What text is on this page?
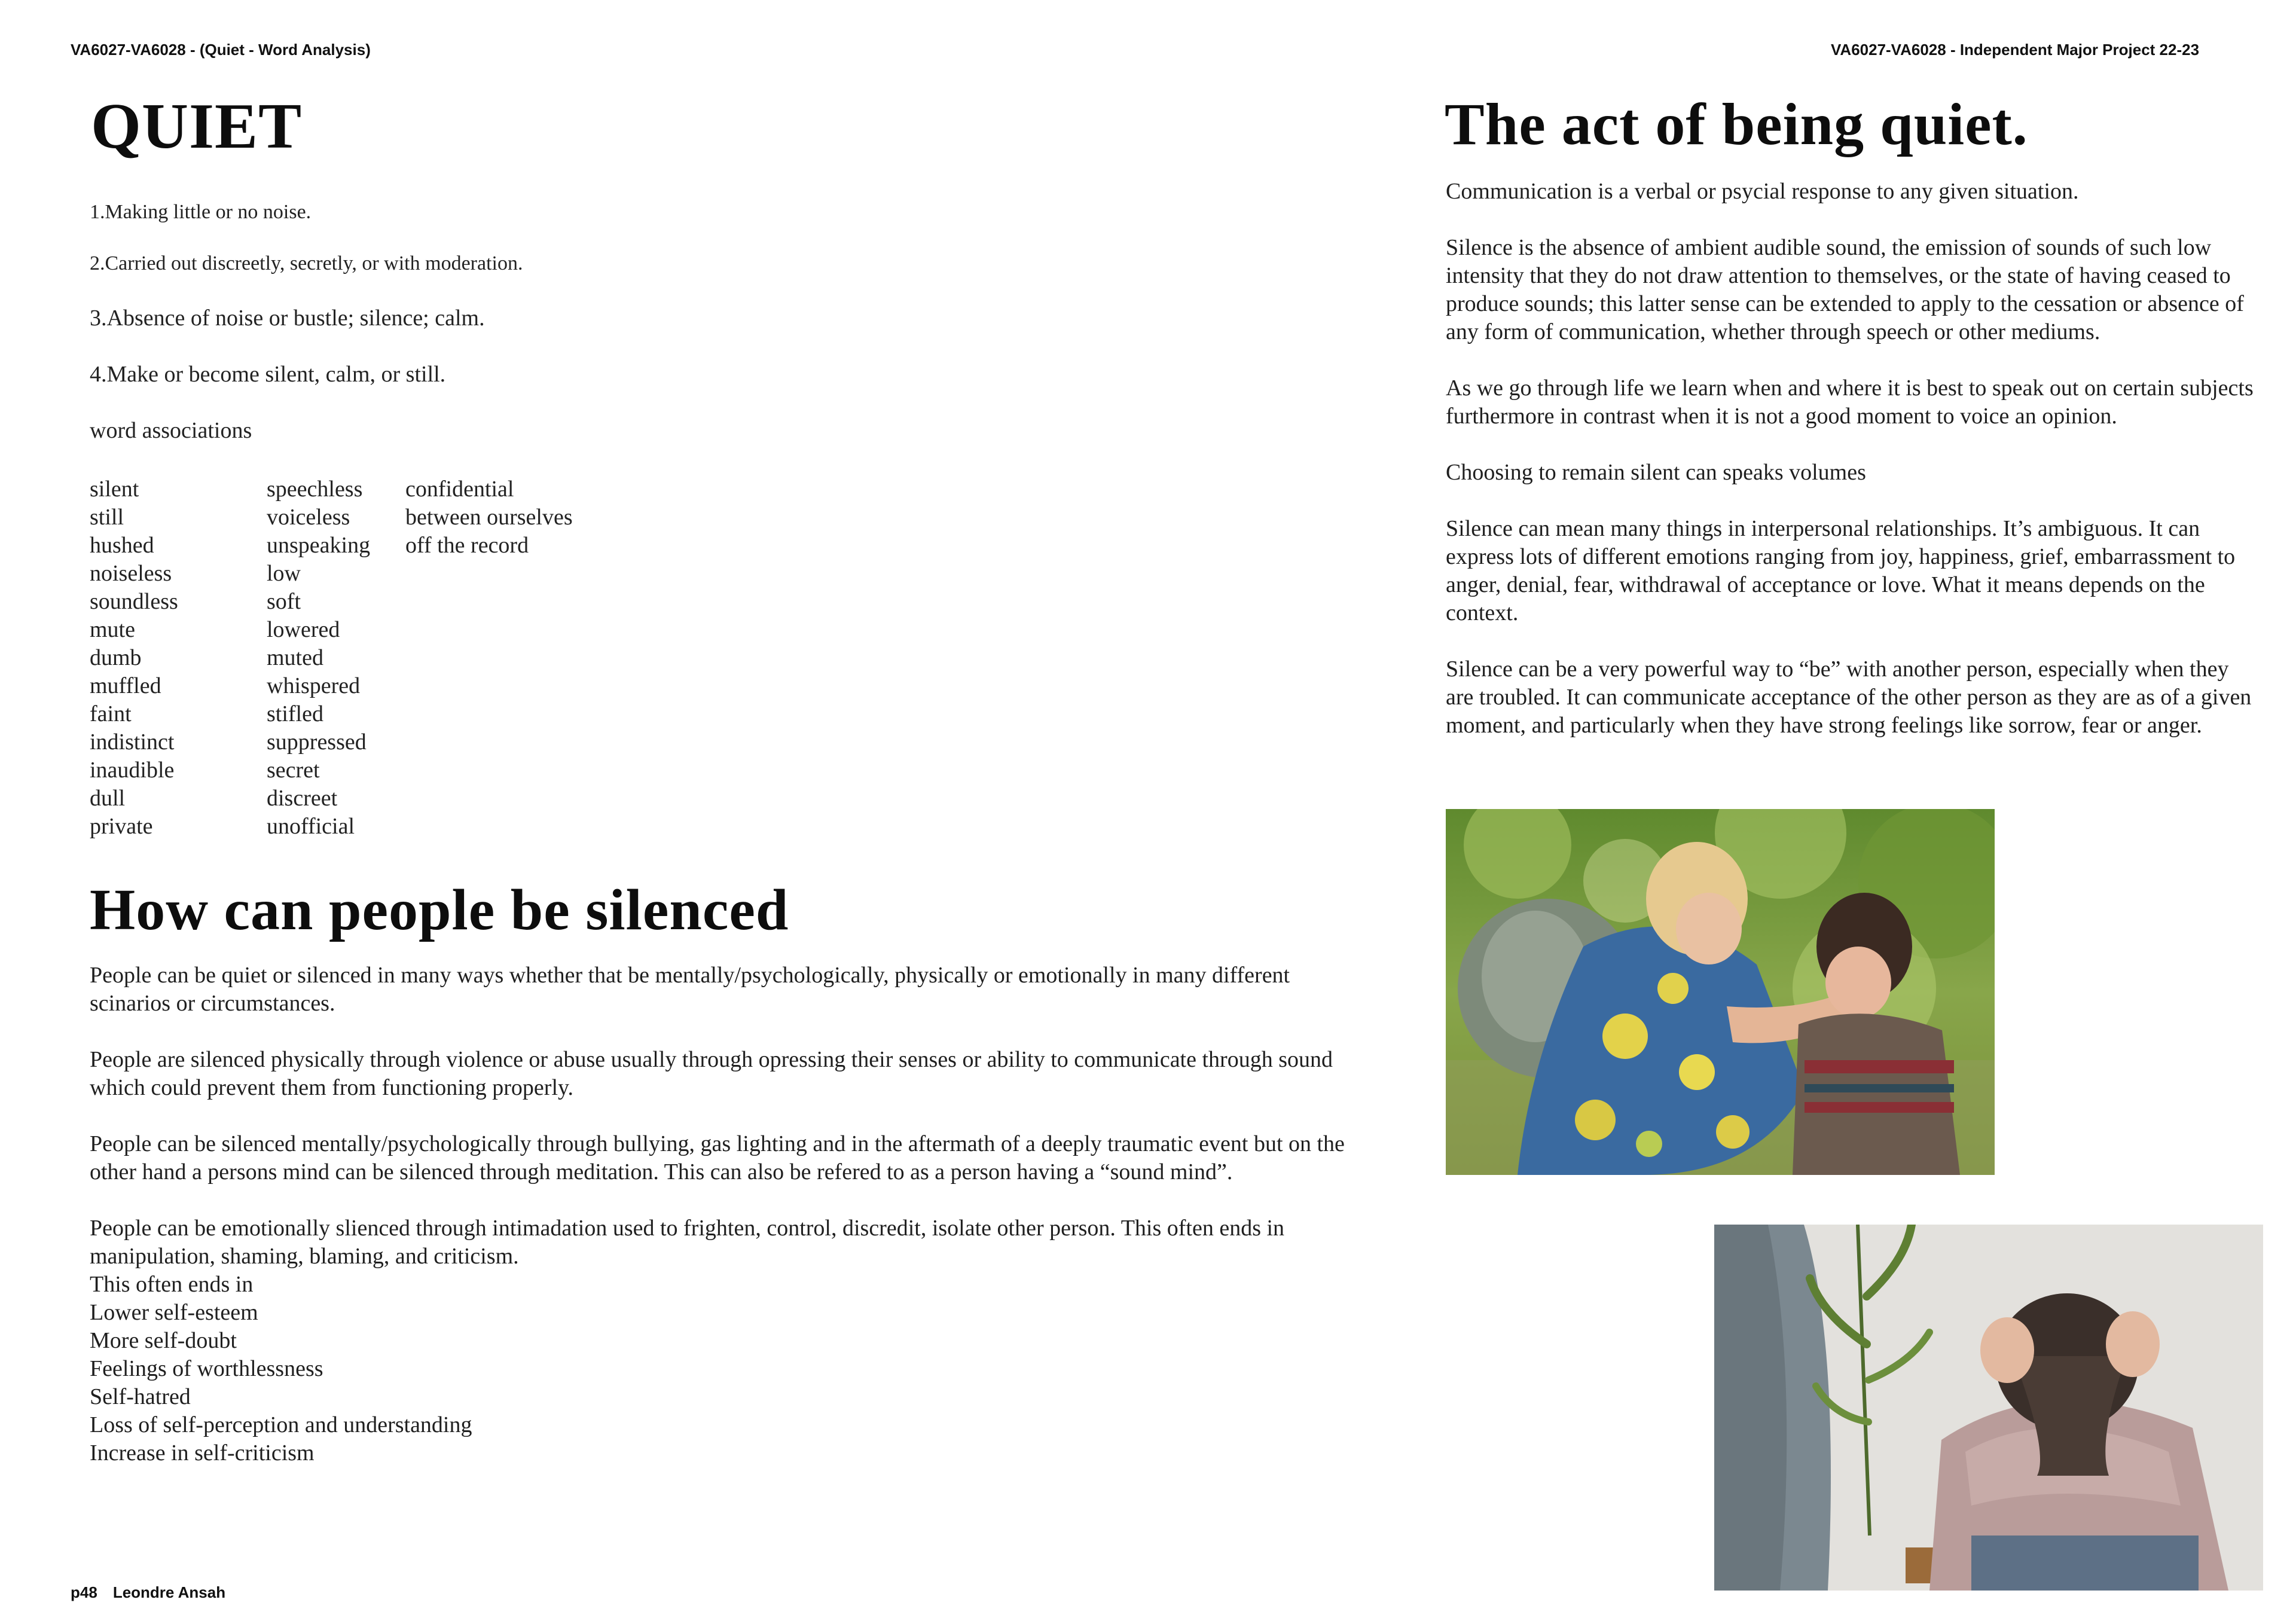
VA6027-VA6028 - (Quiet - Word Analysis)	VA6027-VA6028 - Independent Major Project 22-23
QUIET
1.Making little or no noise.
2.Carried out discreetly, secretly, or with moderation.
3.Absence of noise or bustle; silence; calm.
4.Make or become silent, calm, or still.
word associations
silent
still
hushed
noiseless
soundless
mute
dumb
muffled
faint
indistinct
inaudible
dull
private
speechless
voiceless
unspeaking
low
soft
lowered
muted
whispered
stifled
suppressed
secret
discreet
unofficial
confidential
between ourselves
off the record
How can people be silenced

People can be quiet or silenced in many ways whether that be mentally/psychologically, physically or emotionally in many different scinarios or circumstances.

People are silenced physically through violence or abuse usually through opressing their senses or ability to communicate through sound which could prevent them from functioning properly.

People can be silenced mentally/psychologically through bullying, gas lighting and in the aftermath of a deeply traumatic event but on the other hand a persons mind can be silenced through meditation. This can also be refered to as a person having a “sound mind”.

People can be emotionally slienced through intimadation used to frighten, control, discredit, isolate other person. This often ends in manipulation, shaming, blaming, and criticism.

This often ends in
Lower self-esteem
More self-doubt
Feelings of worthlessness
Self-hatred
Loss of self-perception and understanding
Increase in self-criticism
The act of being quiet.

Communication is a verbal or psycial response to any given situation.

Silence is the absence of ambient audible sound, the emission of sounds of such low intensity that they do not draw attention to themselves, or the state of having ceased to produce sounds; this latter sense can be extended to apply to the cessation or absence of any form of communication, whether through speech or other mediums.

As we go through life we learn when and where it is best to speak out on certain subjects furthermore in contrast when it is not a good moment to voice an opinion.

Choosing to remain silent can speaks volumes

Silence can mean many things in interpersonal relationships. It’s ambiguous. It can express lots of different emotions ranging from joy, happiness, grief, embarrassment to anger, denial, fear, withdrawal of acceptance or love. What it means depends on the context.

Silence can be a very powerful way to “be” with another person, especially when they are troubled. It can communicate acceptance of the other person as they are as of a given moment, and particularly when they have strong feelings like sorrow, fear or anger.

p48 Leondre Ansah
